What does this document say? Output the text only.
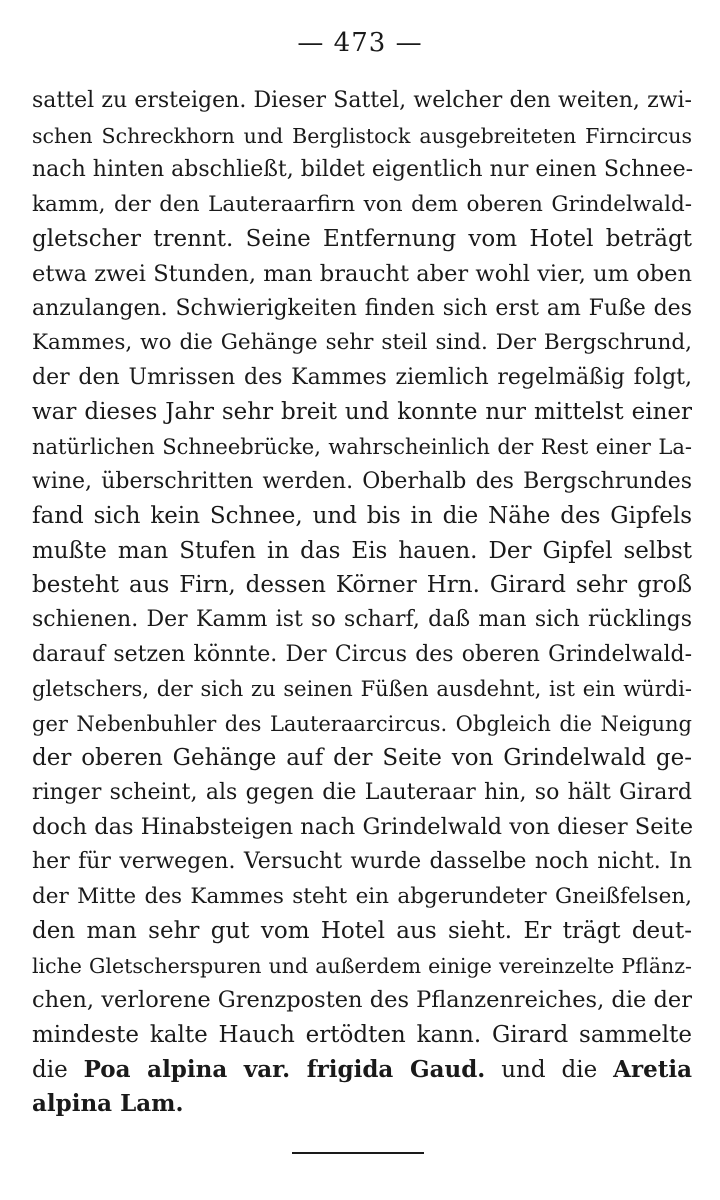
— 473 —
sattel zu ersteigen. Dieser Sattel, welcher den weiten, zwi-
schen Schreckhorn und Berglistock ausgebreiteten Firncircus
nach hinten abschließt, bildet eigentlich nur einen Schnee-
kamm, der den Lauteraarfirn von dem oberen Grindelwald-
gletscher trennt. Seine Entfernung vom Hotel beträgt
etwa zwei Stunden, man braucht aber wohl vier, um oben
anzulangen. Schwierigkeiten finden sich erst am Fuße des
Kammes, wo die Gehänge sehr steil sind. Der Bergschrund,
der den Umrissen des Kammes ziemlich regelmäßig folgt,
war dieses Jahr sehr breit und konnte nur mittelst einer
natürlichen Schneebrücke, wahrscheinlich der Rest einer La-
wine, überschritten werden. Oberhalb des Bergschrundes
fand sich kein Schnee, und bis in die Nähe des Gipfels
mußte man Stufen in das Eis hauen. Der Gipfel selbst
besteht aus Firn, dessen Körner Hrn. Girard sehr groß
schienen. Der Kamm ist so scharf, daß man sich rücklings
darauf setzen könnte. Der Circus des oberen Grindelwald-
gletschers, der sich zu seinen Füßen ausdehnt, ist ein würdi-
ger Nebenbuhler des Lauteraarcircus. Obgleich die Neigung
der oberen Gehänge auf der Seite von Grindelwald ge-
ringer scheint, als gegen die Lauteraar hin, so hält Girard
doch das Hinabsteigen nach Grindelwald von dieser Seite
her für verwegen. Versucht wurde dasselbe noch nicht. In
der Mitte des Kammes steht ein abgerundeter Gneißfelsen,
den man sehr gut vom Hotel aus sieht. Er trägt deut-
liche Gletscherspuren und außerdem einige vereinzelte Pflänz-
chen, verlorene Grenzposten des Pflanzenreiches, die der
mindeste kalte Hauch ertödten kann. Girard sammelte
die Poa alpina var. frigida Gaud. und die Aretia
alpina Lam.
